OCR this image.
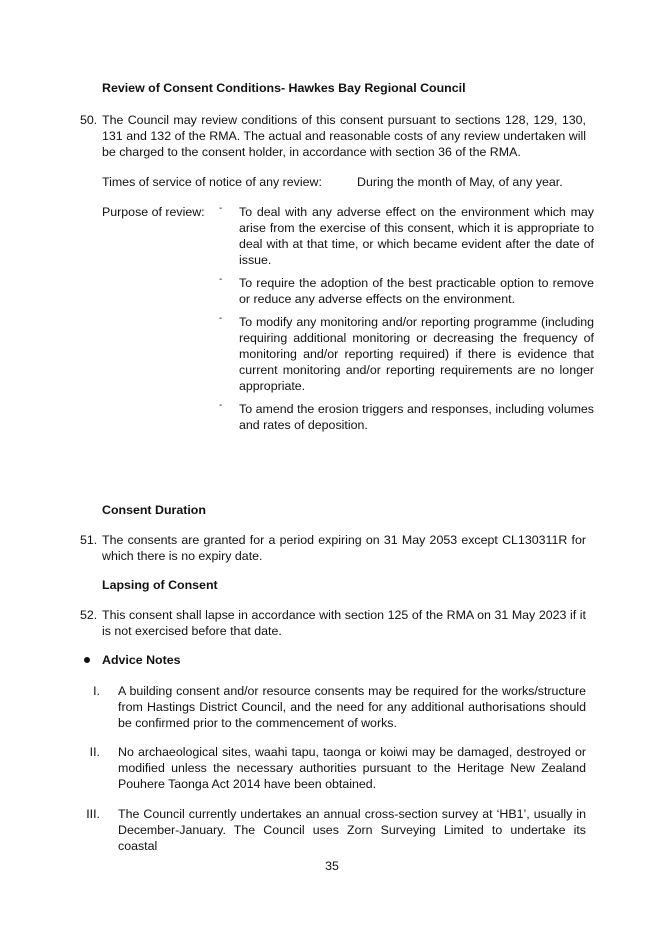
Review of Consent Conditions- Hawkes Bay Regional Council
50. The Council may review conditions of this consent pursuant to sections 128, 129, 130, 131 and 132 of the RMA. The actual and reasonable costs of any review undertaken will be charged to the consent holder, in accordance with section 36 of the RMA.
Times of service of notice of any review:	During the month of May, of any year.
Purpose of review: - To deal with any adverse effect on the environment which may arise from the exercise of this consent, which it is appropriate to deal with at that time, or which became evident after the date of issue.
- To require the adoption of the best practicable option to remove or reduce any adverse effects on the environment.
- To modify any monitoring and/or reporting programme (including requiring additional monitoring or decreasing the frequency of monitoring and/or reporting required) if there is evidence that current monitoring and/or reporting requirements are no longer appropriate.
- To amend the erosion triggers and responses, including volumes and rates of deposition.
Consent Duration
51. The consents are granted for a period expiring on 31 May 2053 except CL130311R for which there is no expiry date.
Lapsing of Consent
52. This consent shall lapse in accordance with section 125 of the RMA on 31 May 2023 if it is not exercised before that date.
Advice Notes
I. A building consent and/or resource consents may be required for the works/structure from Hastings District Council, and the need for any additional authorisations should be confirmed prior to the commencement of works.
II. No archaeological sites, waahi tapu, taonga or koiwi may be damaged, destroyed or modified unless the necessary authorities pursuant to the Heritage New Zealand Pouhere Taonga Act 2014 have been obtained.
III. The Council currently undertakes an annual cross-section survey at ‘HB1’, usually in December-January. The Council uses Zorn Surveying Limited to undertake its coastal
35
